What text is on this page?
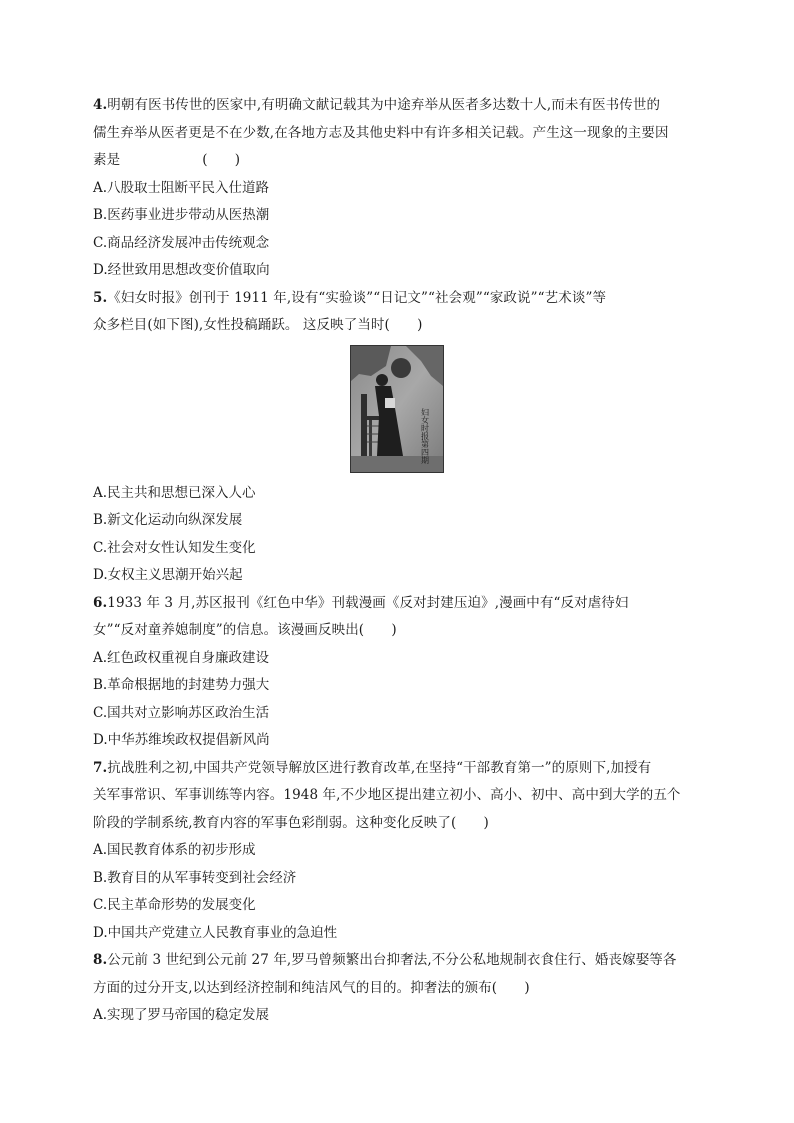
4.明朝有医书传世的医家中,有明确文献记载其为中途弃举从医者多达数十人,而未有医书传世的

儒生弃举从医者更是不在少数,在各地方志及其他史料中有许多相关记载。产生这一现象的主要因

素是	(　　)

A.八股取士阻断平民入仕道路

B.医药事业进步带动从医热潮

C.商品经济发展冲击传统观念

D.经世致用思想改变价值取向

5.《妇女时报》创刊于 1911 年,设有“实验谈”“日记文”“社会观”“家政说”“艺术谈”等

众多栏目(如下图),女性投稿踊跃。 这反映了当时(　　)

妇女时报第四期

A.民主共和思想已深入人心

B.新文化运动向纵深发展

C.社会对女性认知发生变化

D.女权主义思潮开始兴起

6.1933 年 3 月,苏区报刊《红色中华》刊载漫画《反对封建压迫》,漫画中有“反对虐待妇

女”“反对童养媳制度”的信息。该漫画反映出(　　)

A.红色政权重视自身廉政建设

B.革命根据地的封建势力强大

C.国共对立影响苏区政治生活

D.中华苏维埃政权提倡新风尚

7.抗战胜利之初,中国共产党领导解放区进行教育改革,在坚持“干部教育第一”的原则下,加授有

关军事常识、军事训练等内容。1948 年,不少地区提出建立初小、高小、初中、高中到大学的五个

阶段的学制系统,教育内容的军事色彩削弱。这种变化反映了(　　)

A.国民教育体系的初步形成

B.教育目的从军事转变到社会经济

C.民主革命形势的发展变化

D.中国共产党建立人民教育事业的急迫性

8.公元前 3 世纪到公元前 27 年,罗马曾频繁出台抑奢法,不分公私地规制衣食住行、婚丧嫁娶等各

方面的过分开支,以达到经济控制和纯洁风气的目的。抑奢法的颁布(　　)

A.实现了罗马帝国的稳定发展
